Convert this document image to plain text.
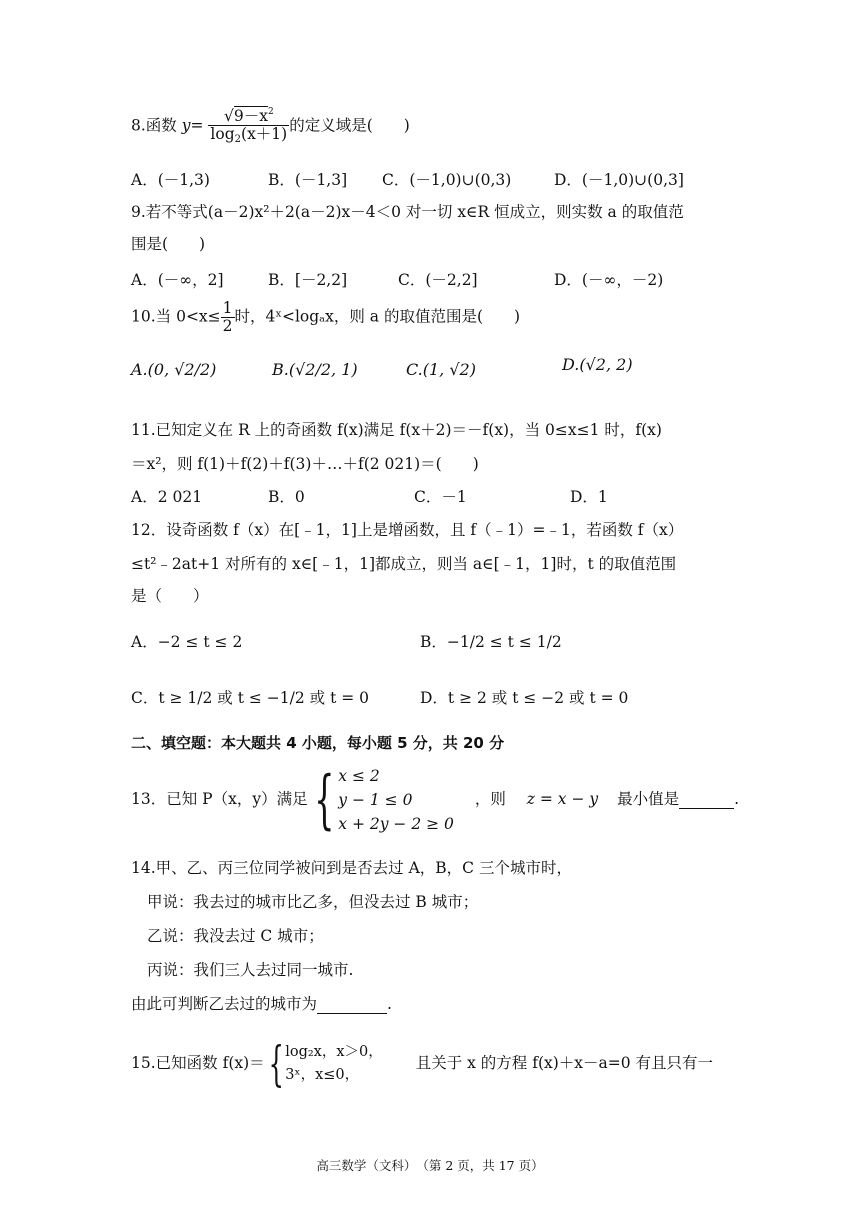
8.函数 $y= \frac{√9-x^2}{\log_2(x+1)}$ 的定义域是(　　)
A．(－1,3)	B．(－1,3] C．(－1,0)∪(0,3)	D．(－1,0)∪(0,3]
9.若不等式(a－2)x²＋2(a－2)x－4＜0 对一切 x∈R 恒成立，则实数 a 的取值范
围是(　　)
A．(－∞，2]	B．[－2,2]	C．(－2,2]	D．(－∞，－2)
10.当 $0<x\le \frac{1}{2}$ 时，4ˣ<logₐx，则 a 的取值范围是(　　)
A.(0, √2/2)	B.(√2/2, 1)	C.(1, √2)	D.(√2, 2)
11.已知定义在 R 上的奇函数 f(x)满足 f(x＋2)＝－f(x)，当 0≤x≤1 时，f(x)
＝x²，则 f(1)＋f(2)＋f(3)＋…＋f(2 021)＝(　　)
A．2 021	B．0	C．－1	D．1
12．设奇函数 f（x）在[﹣1，1]上是增函数，且 f（﹣1）=﹣1，若函数 f（x）
≤t²﹣2at+1 对所有的 x∈[﹣1，1]都成立，则当 a∈[﹣1，1]时，t 的取值范围
是（　　）
A．−2 ≤ t ≤ 2	B．−1/2 ≤ t ≤ 1/2
C．t ≥ 1/2 或 t ≤ −1/2 或 t = 0	D．t ≥ 2 或 t ≤ −2 或 t = 0
二、填空题：本大题共 4 小题，每小题 5 分，共 20 分
13．已知 P（x，y）满足{ x ≤ 2
y − 1 ≤ 0
x + 2y − 2 ≥ 0
，则 z = x − y 最小值是	.
14.甲、乙、丙三位同学被问到是否去过 A，B，C 三个城市时，
甲说：我去过的城市比乙多，但没去过 B 城市；
乙说：我没去过 C 城市；
丙说：我们三人去过同一城市.
由此可判断乙去过的城市为	.
15.已知函数 f(x)＝{ log₂x，x＞0，
3ˣ，x≤0，
且关于 x 的方程 f(x)＋x－a=0 有且只有一
高三数学（文科）　（第 2 页，共 17 页）
